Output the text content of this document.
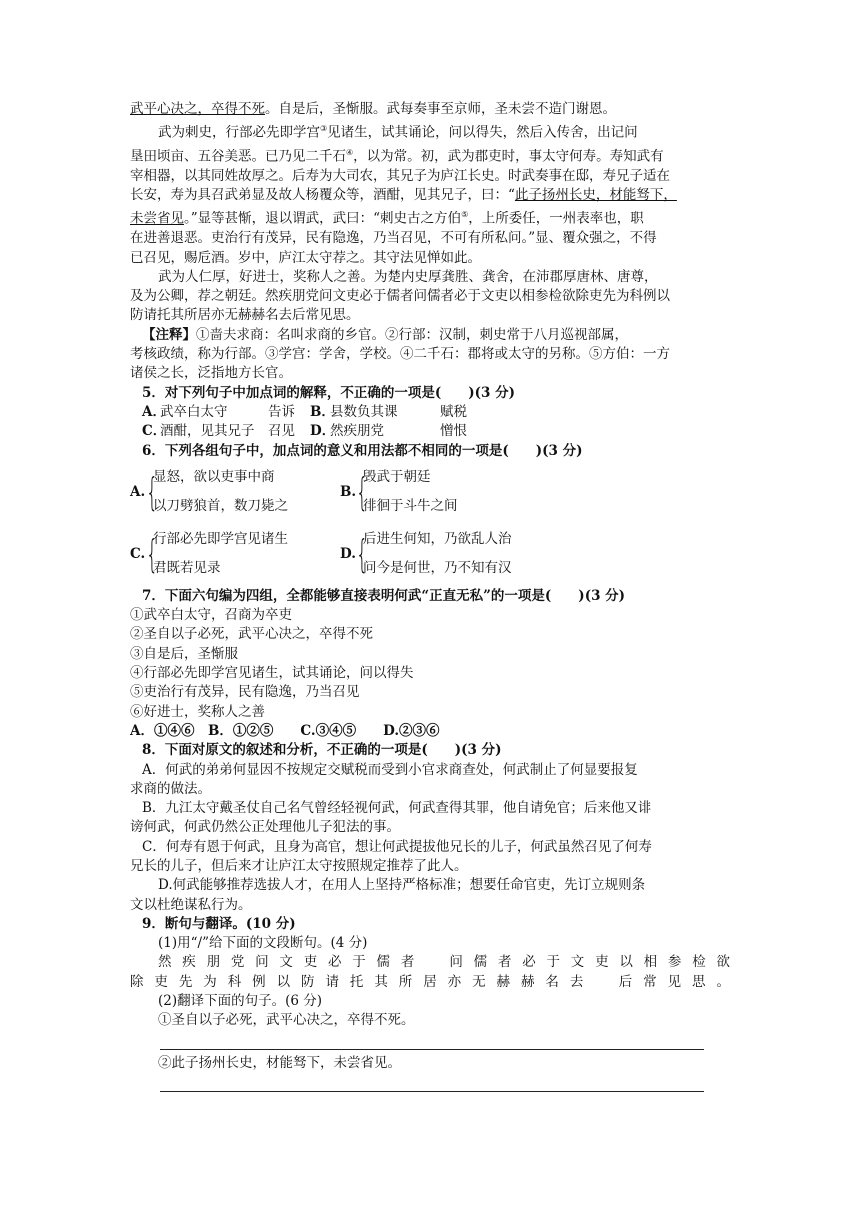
武平心决之，卒得不死。自是后，圣惭服。武每奏事至京师，圣未尝不造门谢恩。
武为刺史，行部必先即学宫③见诸生，试其诵论，问以得失，然后入传舍，出记问
垦田顷亩、五谷美恶。已乃见二千石④，以为常。初，武为郡吏时，事太守何寿。寿知武有
宰相器，以其同姓故厚之。后寿为大司农，其兄子为庐江长史。时武奏事在邸，寿兄子适在
长安，寿为具召武弟显及故人杨覆众等，酒酣，见其兄子，曰：“此子扬州长史，材能驽下，
未尝省见。”显等甚惭，退以谓武，武曰：“刺史古之方伯⑤，上所委任，一州表率也，职
在进善退恶。吏治行有茂异，民有隐逸，乃当召见，不可有所私问。”显、覆众强之，不得
已召见，赐卮酒。岁中，庐江太守荐之。其守法见惮如此。
武为人仁厚，好进士，奖称人之善。为楚内史厚龚胜、龚舍，在沛郡厚唐林、唐尊，
及为公卿，荐之朝廷。然疾朋党问文吏必于儒者问儒者必于文吏以相参检欲除吏先为科例以
防请托其所居亦无赫赫名去后常见思。
【注释】①啬夫求商：名叫求商的乡官。②行部：汉制，刺史常于八月巡视部属，
考核政绩，称为行部。③学宫：学舍，学校。④二千石：郡将或太守的另称。⑤方伯：一方
诸侯之长，泛指地方长官。
5．对下列句子中加点词的解释，不正确的一项是(　　)(3 分)
A．
武卒白太守	告诉	B．
县数负其课	赋税
C．
酒酣，见其兄子	召见	D．
然疾朋党	憎恨
6．下列各组句子中，加点词的意义和用法都不相同的一项是(　　)(3 分)
A. {
显怒，欲以吏事中商
以刀劈狼首，数刀毙之
B. {
毁武于朝廷
徘徊于斗牛之间
C. {
行部必先即学宫见诸生
君既若见录
D. {
后进生何知，乃欲乱人治
问今是何世，乃不知有汉
7．下面六句编为四组，全都能够直接表明何武“正直无私”的一项是(　　)(3 分)
①武卒白太守，召商为卒吏
②圣自以子必死，武平心决之，卒得不死
③自是后，圣惭服
④行部必先即学宫见诸生，试其诵论，问以得失
⑤吏治行有茂异，民有隐逸，乃当召见
⑥好进士，奖称人之善
A．①④⑥　B．①②⑤　　C.③④⑤　　D.②③⑥
8．下面对原文的叙述和分析，不正确的一项是(　　)(3 分)
A．何武的弟弟何显因不按规定交赋税而受到小官求商查处，何武制止了何显要报复
求商的做法。
B．九江太守戴圣仗自己名气曾经轻视何武，何武查得其罪，他自请免官；后来他又诽
谤何武，何武仍然公正处理他儿子犯法的事。
C．何寿有恩于何武，且身为高官，想让何武提拔他兄长的儿子，何武虽然召见了何寿
兄长的儿子，但后来才让庐江太守按照规定推荐了此人。
D.何武能够推荐选拔人才，在用人上坚持严格标准；想要任命官吏，先订立规则条
文以杜绝谋私行为。
9．断句与翻译。(10 分)
(1)用“/”给下面的文段断句。(4 分)
然疾朋党问文吏必于儒者　问儒者必于文吏以相参检欲
除吏先为科例以防请托其所居亦无赫赫名去　后常见思。
(2)翻译下面的句子。(6 分)
①圣自以子必死，武平心决之，卒得不死。
②此子扬州长史，材能驽下，未尝省见。
